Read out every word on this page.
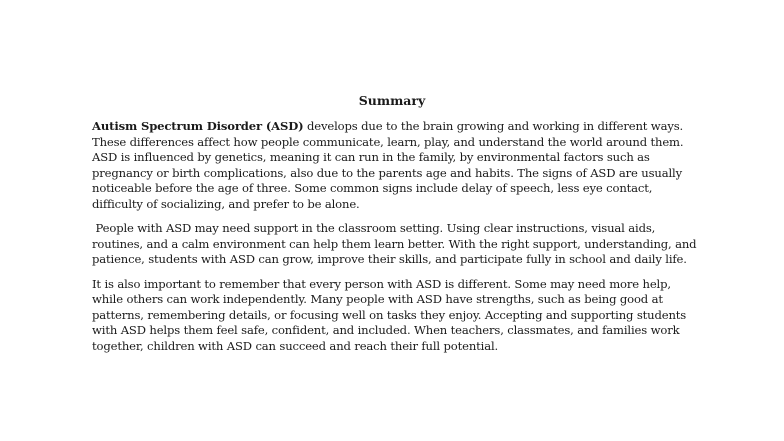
Summary
Autism Spectrum Disorder (ASD) develops due to the brain growing and working in different ways.
These differences affect how people communicate, learn, play, and understand the world around them.
ASD is influenced by genetics, meaning it can run in the family, by environmental factors such as
pregnancy or birth complications, also due to the parents age and habits. The signs of ASD are usually
noticeable before the age of three. Some common signs include delay of speech, less eye contact,
difficulty of socializing, and prefer to be alone.
People with ASD may need support in the classroom setting. Using clear instructions, visual aids,
routines, and a calm environment can help them learn better. With the right support, understanding, and
patience, students with ASD can grow, improve their skills, and participate fully in school and daily life.
It is also important to remember that every person with ASD is different. Some may need more help,
while others can work independently. Many people with ASD have strengths, such as being good at
patterns, remembering details, or focusing well on tasks they enjoy. Accepting and supporting students
with ASD helps them feel safe, confident, and included. When teachers, classmates, and families work
together, children with ASD can succeed and reach their full potential.
